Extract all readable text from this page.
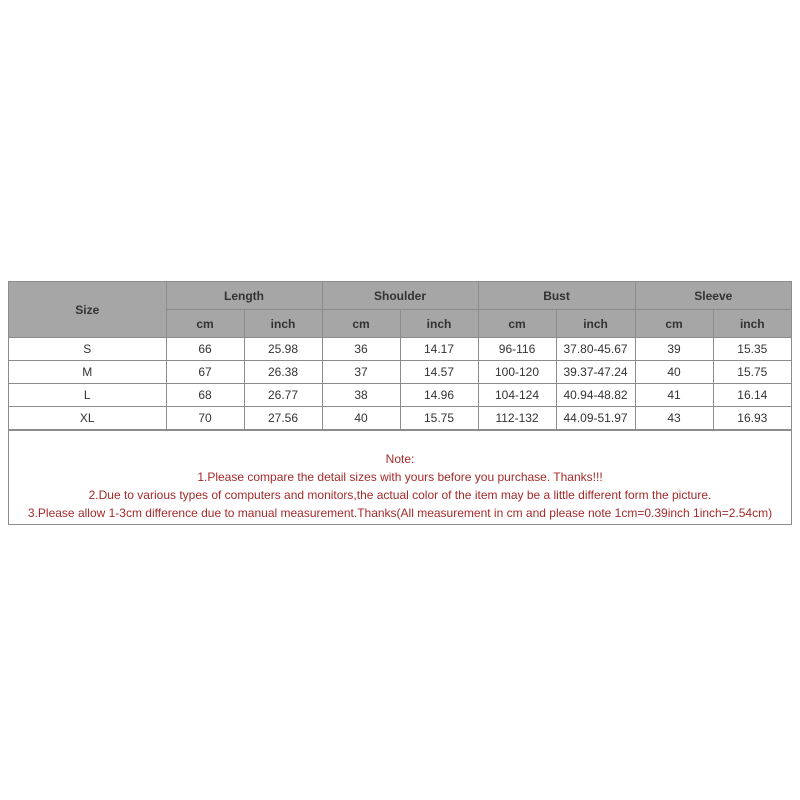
Size	Length		Shoulder		Bust		Sleeve	
	cm	inch	cm	inch	cm	inch	cm	inch
S	66	25.98	36	14.17	96-116	37.80-45.67	39	15.35
M	67	26.38	37	14.57	100-120	39.37-47.24	40	15.75
L	68	26.77	38	14.96	104-124	40.94-48.82	41	16.14
XL	70	27.56	40	15.75	112-132	44.09-51.97	43	16.93
Note:
1.Please compare the detail sizes with yours before you purchase. Thanks!!!
2.Due to various types of computers and monitors,the actual color of the item may be a little different form the picture.
3.Please allow 1-3cm difference due to manual measurement.Thanks(All measurement in cm and please note 1cm=0.39inch 1inch=2.54cm)
